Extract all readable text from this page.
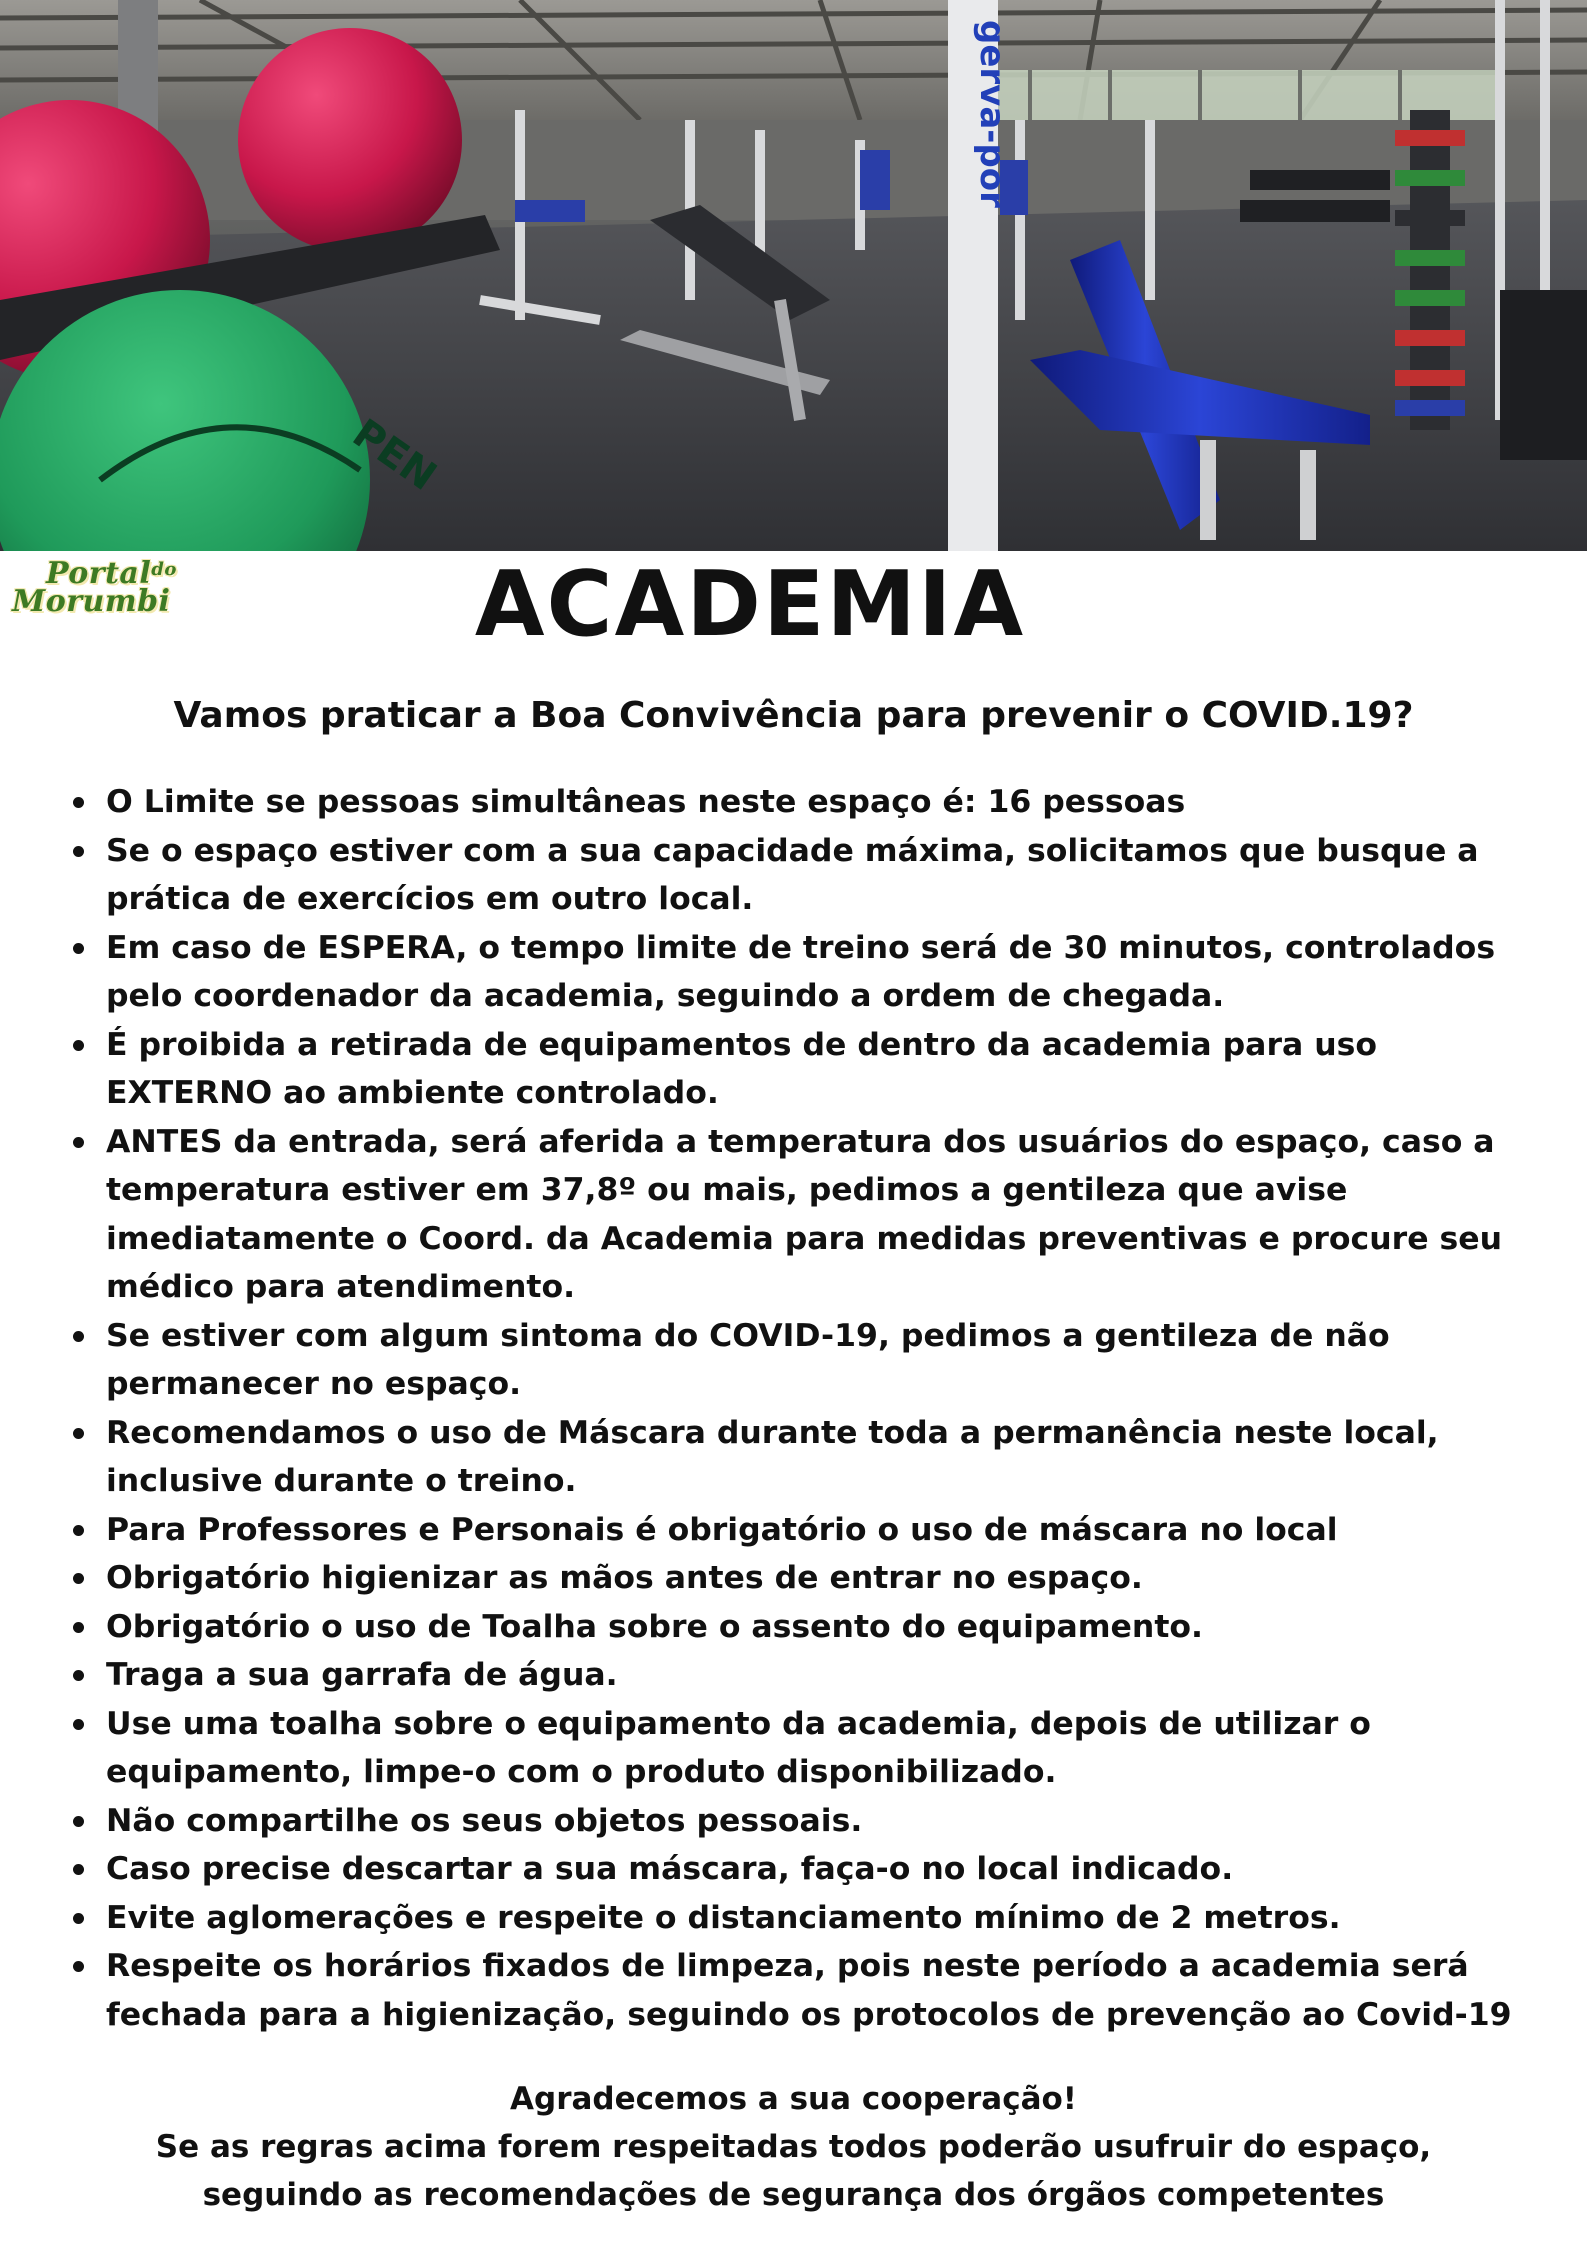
gerva-por
PEN
Portal$^{do}$
Morumbi	ACADEMIA
Vamos praticar a Boa Convivência para prevenir o COVID.19?
O Limite se pessoas simultâneas neste espaço é: 16 pessoas
Se o espaço estiver com a sua capacidade máxima, solicitamos que busque a
prática de exercícios em outro local.
Em caso de ESPERA, o tempo limite de treino será de 30 minutos, controlados
pelo coordenador da academia, seguindo a ordem de chegada.
É proibida a retirada de equipamentos de dentro da academia para uso
EXTERNO ao ambiente controlado.
ANTES da entrada, será aferida a temperatura dos usuários do espaço, caso a
temperatura estiver em 37,8º ou mais, pedimos a gentileza que avise
imediatamente o Coord. da Academia para medidas preventivas e procure seu
médico para atendimento.
Se estiver com algum sintoma do COVID-19, pedimos a gentileza de não
permanecer no espaço.
Recomendamos o uso de Máscara durante toda a permanência neste local,
inclusive durante o treino.
Para Professores e Personais é obrigatório o uso de máscara no local
Obrigatório higienizar as mãos antes de entrar no espaço.
Obrigatório o uso de Toalha sobre o assento do equipamento.
Traga a sua garrafa de água.
Use uma toalha sobre o equipamento da academia, depois de utilizar o
equipamento, limpe-o com o produto disponibilizado.
Não compartilhe os seus objetos pessoais.
Caso precise descartar a sua máscara, faça-o no local indicado.
Evite aglomerações e respeite o distanciamento mínimo de 2 metros.
Respeite os horários fixados de limpeza, pois neste período a academia será
fechada para a higienização, seguindo os protocolos de prevenção ao Covid-19
Agradecemos a sua cooperação!
Se as regras acima forem respeitadas todos poderão usufruir do espaço,
seguindo as recomendações de segurança dos órgãos competentes
